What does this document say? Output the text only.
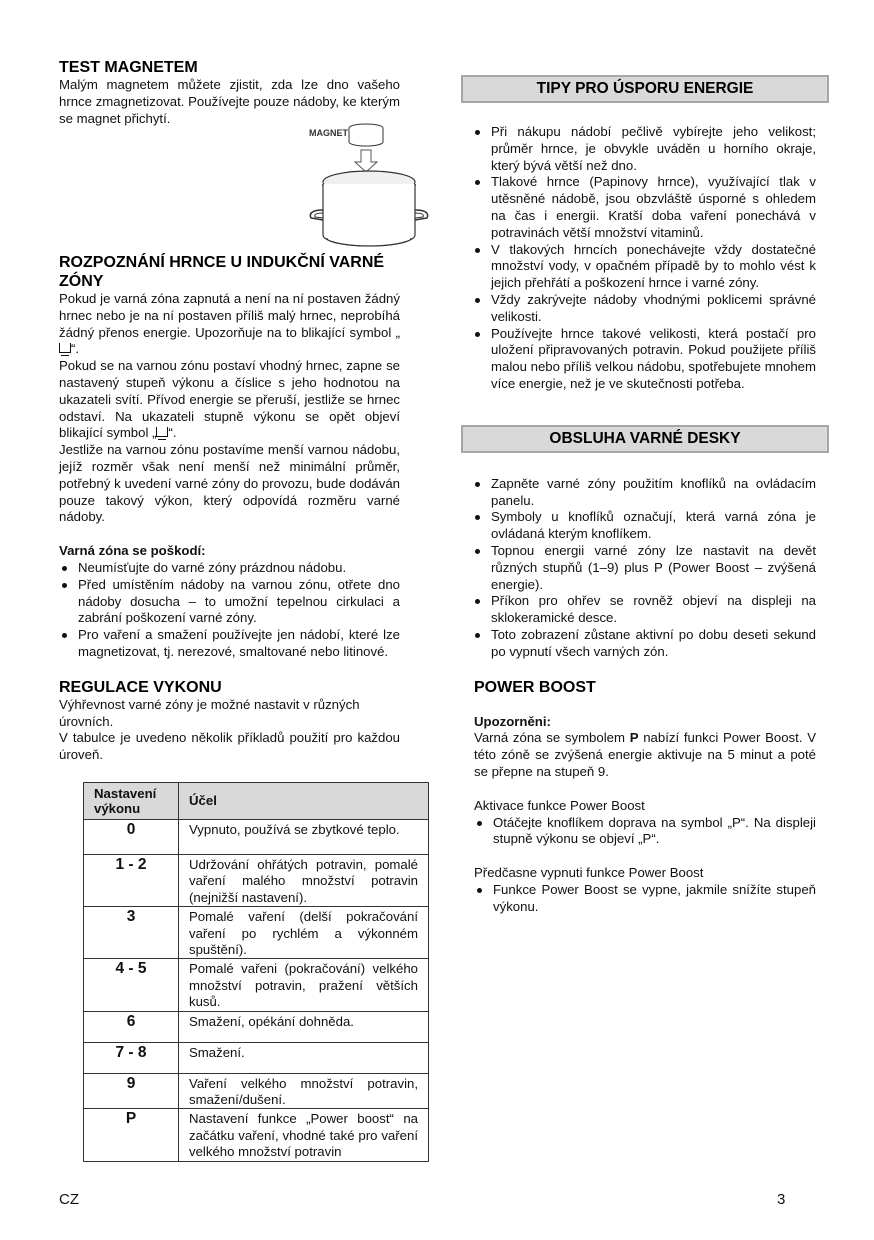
TEST MAGNETEM
Malým magnetem můžete zjistit, zda lze dno vašeho hrnce zmagnetizovat. Používejte pouze nádoby, ke kterým se magnet přichytí.
MAGNET
ROZPOZNÁNÍ HRNCE U INDUKČNÍ VARNÉ ZÓNY
Pokud je varná zóna zapnutá a není na ní postaven žádný hrnec nebo je na ní postaven příliš malý hrnec, neprobíhá žádný přenos energie. Upozorňuje na to blikající symbol „“.
Pokud se na varnou zónu postaví vhodný hrnec, zapne se nastavený stupeň výkonu a číslice s jeho hodnotou na ukazateli svítí. Přívod energie se přeruší, jestliže se hrnec odstaví. Na ukazateli stupně výkonu se opět objeví blikající symbol „ “.
Jestliže na varnou zónu postavíme menší varnou nádobu, jejíž rozměr však není menší než minimální průměr, potřebný k uvedení varné zóny do provozu, bude dodáván pouze takový výkon, který odpovídá rozměru varné nádoby.
Varná zóna se poškodí:
Neumísťujte do varné zóny prázdnou nádobu.
Před umístěním nádoby na varnou zónu, otřete dno nádoby dosucha – to umožní tepelnou cirkulaci a zabrání poškození varné zóny.
Pro vaření a smažení používejte jen nádobí, které lze magnetizovat, tj. nerezové, smaltované nebo litinové.
REGULACE VYKONU
Výhřevnost varné zóny je možné nastavit v různých úrovních.
V tabulce je uvedeno několik příkladů použití pro každou úroveň.
Nastavení výkonu	Účel
0	Vypnuto, používá se zbytkové teplo.
1 - 2	Udržování ohřátých potravin, pomalé vaření malého množství potravin (nejnižší nastavení).
3	Pomalé vaření (delší pokračování vaření po rychlém a výkonném spuštění).
4 - 5	Pomalé vařeni (pokračování) velkého množství potravin, pražení větších kusů.
6	Smažení, opékání dohněda.
7 - 8	Smažení.
9	Vaření velkého množství potravin, smažení/dušení.
P	Nastavení funkce „Power boost“ na začátku vaření, vhodné také pro vaření velkého množství potravin
TIPY PRO ÚSPORU ENERGIE
Při nákupu nádobí pečlivě vybírejte jeho velikost; průměr hrnce, je obvykle uváděn u horního okraje, který bývá větší než dno.
Tlakové hrnce (Papinovy hrnce), využívající tlak v utěsněné nádobě, jsou obzvláště úsporné s ohledem na čas i energii. Kratší doba vaření ponechává v potravinách větší množství vitaminů.
V tlakových hrncích ponechávejte vždy dostatečné množství vody, v opačném případě by to mohlo vést k jejich přehřátí a poškození hrnce i varné zóny.
Vždy zakrývejte nádoby vhodnými poklicemi správné velikosti.
Používejte hrnce takové velikosti, která postačí pro uložení připravovaných potravin. Pokud použijete příliš malou nebo příliš velkou nádobu, spotřebujete mnohem více energie, než je ve skutečnosti potřeba.
OBSLUHA VARNÉ DESKY
Zapněte varné zóny použitím knoflíků na ovládacím panelu.
Symboly u knoflíků označují, která varná zóna je ovládaná kterým knoflíkem.
Topnou energii varné zóny lze nastavit na devět různých stupňů (1–9) plus P (Power Boost – zvýšená energie).
Příkon pro ohřev se rovněž objeví na displeji na sklokeramické desce.
Toto zobrazení zůstane aktivní po dobu deseti sekund po vypnutí všech varných zón.
POWER BOOST
Upozorněni:
Varná zóna se symbolem P nabízí funkci Power Boost. V této zóně se zvýšená energie aktivuje na 5 minut a poté se přepne na stupeň 9.
Aktivace funkce Power Boost
Otáčejte knoflíkem doprava na symbol „P“. Na displeji stupně výkonu se objeví „P“.
Předčasne vypnuti funkce Power Boost
Funkce Power Boost se vypne, jakmile snížíte stupeň výkonu.
CZ	3
